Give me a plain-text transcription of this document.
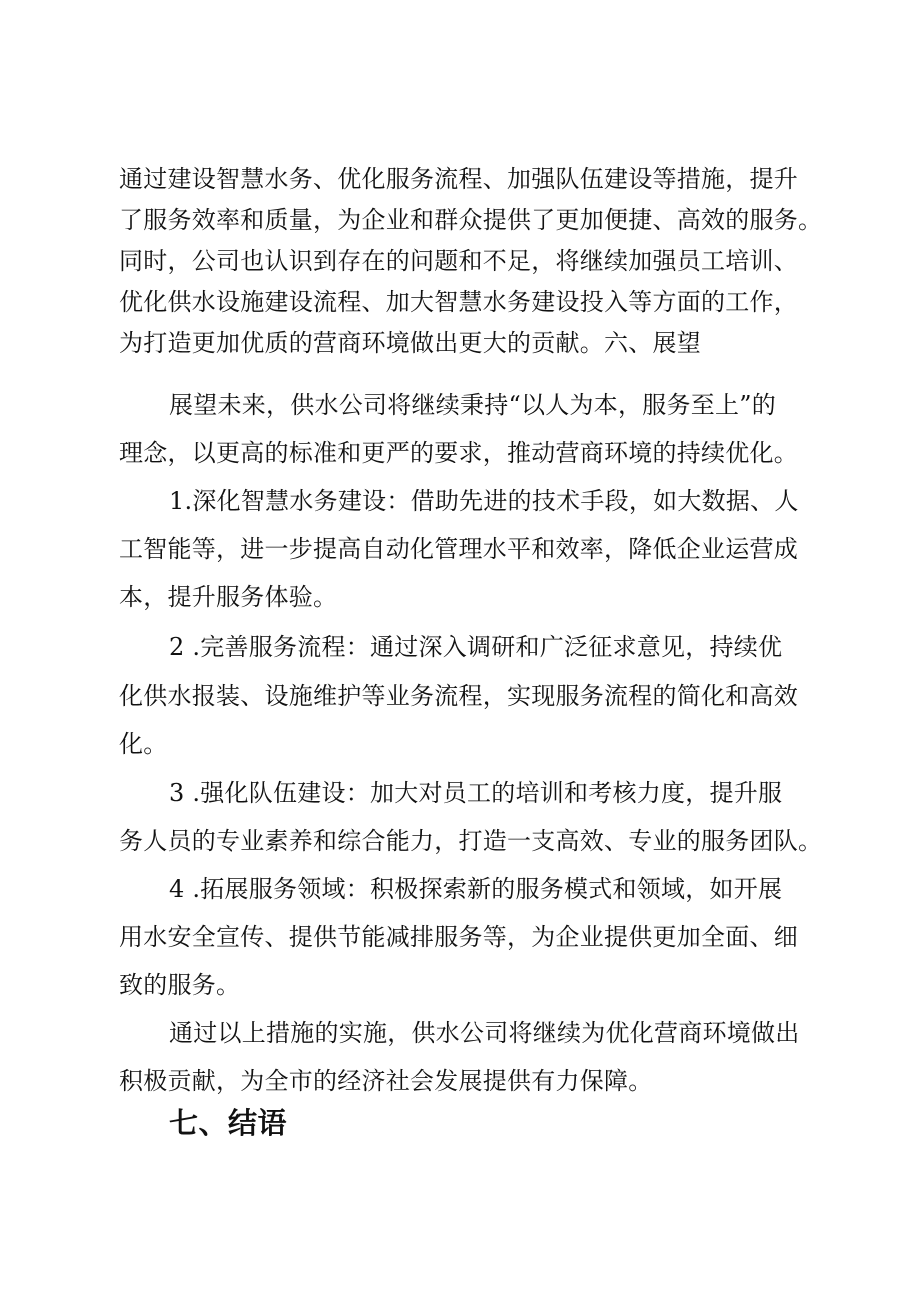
通过建设智慧水务、优化服务流程、加强队伍建设等措施，提升
了服务效率和质量，为企业和群众提供了更加便捷、高效的服务。
同时，公司也认识到存在的问题和不足，将继续加强员工培训、
优化供水设施建设流程、加大智慧水务建设投入等方面的工作，
为打造更加优质的营商环境做出更大的贡献。六、展望
展望未来，供水公司将继续秉持“以人为本，服务至上”的
理念，以更高的标准和更严的要求，推动营商环境的持续优化。
1.深化智慧水务建设：借助先进的技术手段，如大数据、人
工智能等，进一步提高自动化管理水平和效率，降低企业运营成
本，提升服务体验。
2 .完善服务流程：通过深入调研和广泛征求意见，持续优
化供水报装、设施维护等业务流程，实现服务流程的简化和高效
化。
3 .强化队伍建设：加大对员工的培训和考核力度，提升服
务人员的专业素养和综合能力，打造一支高效、专业的服务团队。
4 .拓展服务领域：积极探索新的服务模式和领域，如开展
用水安全宣传、提供节能减排服务等，为企业提供更加全面、细
致的服务。
通过以上措施的实施，供水公司将继续为优化营商环境做出
积极贡献，为全市的经济社会发展提供有力保障。
七、结语
